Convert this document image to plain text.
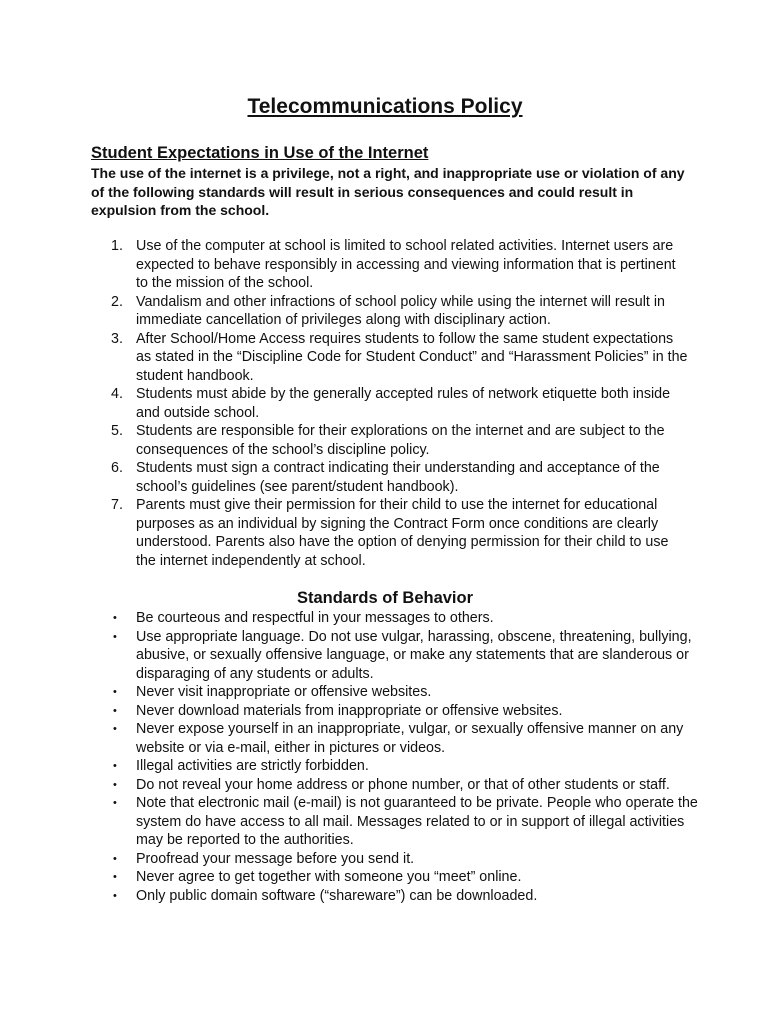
Telecommunications Policy
Student Expectations in Use of the Internet

The use of the internet is a privilege, not a right, and inappropriate use or violation of any of the following standards will result in serious consequences and could result in expulsion from the school.

1. Use of the computer at school is limited to school related activities. Internet users are expected to behave responsibly in accessing and viewing information that is pertinent to the mission of the school.
2. Vandalism and other infractions of school policy while using the internet will result in immediate cancellation of privileges along with disciplinary action.
3. After School/Home Access requires students to follow the same student expectations as stated in the “Discipline Code for Student Conduct” and “Harassment Policies” in the student handbook.
4. Students must abide by the generally accepted rules of network etiquette both inside and outside school.
5. Students are responsible for their explorations on the internet and are subject to the consequences of the school’s discipline policy.
6. Students must sign a contract indicating their understanding and acceptance of the school’s guidelines (see parent/student handbook).
7. Parents must give their permission for their child to use the internet for educational purposes as an individual by signing the Contract Form once conditions are clearly understood. Parents also have the option of denying permission for their child to use the internet independently at school.
Standards of Behavior
• Be courteous and respectful in your messages to others.
• Use appropriate language. Do not use vulgar, harassing, obscene, threatening, bullying, abusive, or sexually offensive language, or make any statements that are slanderous or disparaging of any students or adults.
• Never visit inappropriate or offensive websites.
• Never download materials from inappropriate or offensive websites.
• Never expose yourself in an inappropriate, vulgar, or sexually offensive manner on any website or via e-mail, either in pictures or videos.
• Illegal activities are strictly forbidden.
• Do not reveal your home address or phone number, or that of other students or staff.
• Note that electronic mail (e-mail) is not guaranteed to be private. People who operate the system do have access to all mail. Messages related to or in support of illegal activities may be reported to the authorities.
• Proofread your message before you send it.
• Never agree to get together with someone you “meet” online.
• Only public domain software (“shareware”) can be downloaded.
